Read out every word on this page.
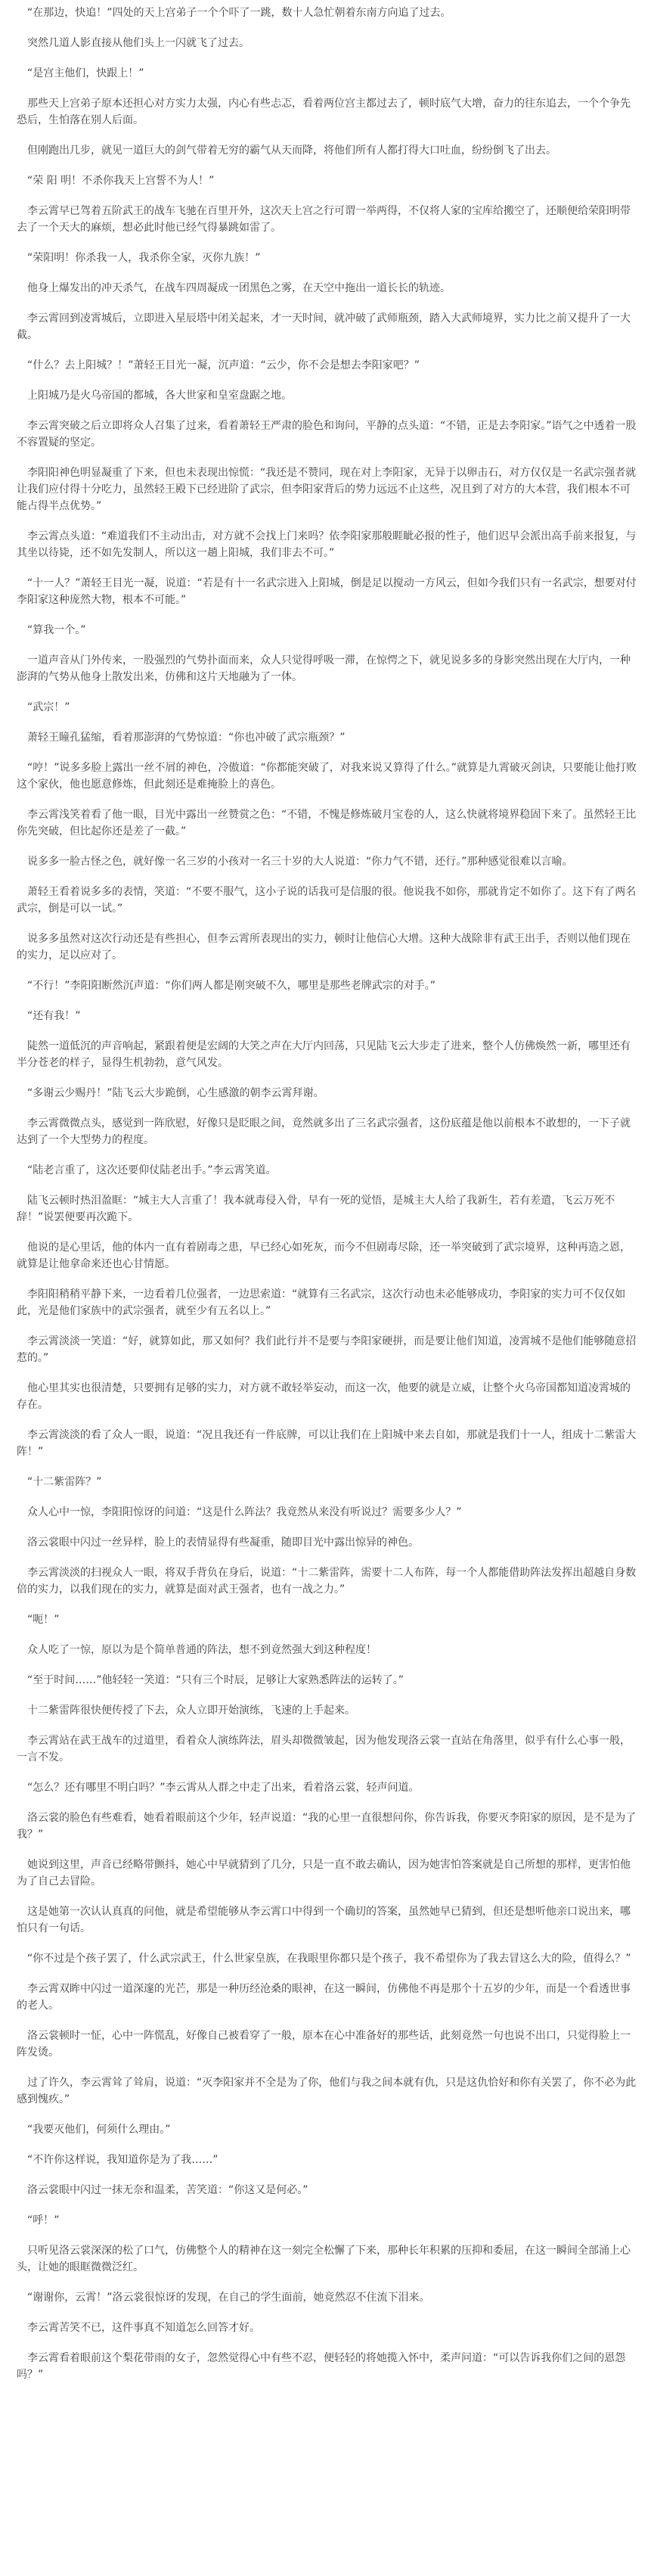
“在那边，快追！”四处的天上宫弟子一个个吓了一跳，数十人急忙朝着东南方向追了过去。

突然几道人影直接从他们头上一闪就飞了过去。

“是宫主他们，快跟上！”

那些天上宫弟子原本还担心对方实力太强，内心有些忐忑，看着两位宫主都过去了，顿时底气大增，奋力的往东追去，一个个争先恐后，生怕落在别人后面。

但刚跑出几步，就见一道巨大的剑气带着无穷的霸气从天而降，将他们所有人都打得大口吐血，纷纷倒飞了出去。

“荣 阳 明！不杀你我天上宫誓不为人！”

李云霄早已驾着五阶武王的战车飞驰在百里开外，这次天上宫之行可谓一举两得，不仅将人家的宝库给搬空了，还顺便给荣阳明带去了一个天大的麻烦，想必此时他已经气得暴跳如雷了。

“荣阳明！你杀我一人，我杀你全家，灭你九族！”

他身上爆发出的冲天杀气，在战车四周凝成一团黑色之雾，在天空中拖出一道长长的轨迹。

李云霄回到凌霄城后，立即进入星辰塔中闭关起来，才一天时间，就冲破了武师瓶颈，踏入大武师境界，实力比之前又提升了一大截。

“什么？去上阳城？！”萧轻王目光一凝，沉声道：“云少，你不会是想去李阳家吧？”

上阳城乃是火乌帝国的都城，各大世家和皇室盘踞之地。

李云霄突破之后立即将众人召集了过来，看着萧轻王严肃的脸色和询问，平静的点头道：“不错，正是去李阳家。”语气之中透着一股不容置疑的坚定。

李阳阳神色明显凝重了下来，但也未表现出惊慌：“我还是不赞同，现在对上李阳家，无异于以卵击石，对方仅仅是一名武宗强者就让我们应付得十分吃力，虽然轻王殿下已经进阶了武宗，但李阳家背后的势力远远不止这些，况且到了对方的大本营，我们根本不可能占得半点优势。”

李云霄点头道：“难道我们不主动出击，对方就不会找上门来吗？依李阳家那般睚眦必报的性子，他们迟早会派出高手前来报复，与其坐以待毙，还不如先发制人，所以这一趟上阳城，我们非去不可。”

“十一人？”萧轻王目光一凝，说道：“若是有十一名武宗进入上阳城，倒是足以搅动一方风云，但如今我们只有一名武宗，想要对付李阳家这种庞然大物，根本不可能。”

“算我一个。”

一道声音从门外传来，一股强烈的气势扑面而来，众人只觉得呼吸一滞，在惊愕之下，就见说多多的身影突然出现在大厅内，一种澎湃的气势从他身上散发出来，仿佛和这片天地融为了一体。

“武宗！”

萧轻王瞳孔猛缩，看着那澎湃的气势惊道：“你也冲破了武宗瓶颈？”

“哼！”说多多脸上露出一丝不屑的神色，冷傲道：“你都能突破了，对我来说又算得了什么。”就算是九霄破灭剑诀，只要能让他打败这个家伙，他也愿意修炼，但此刻还是难掩脸上的喜色。

李云霄浅笑着看了他一眼，目光中露出一丝赞赏之色：“不错，不愧是修炼破月宝卷的人，这么快就将境界稳固下来了。虽然轻王比你先突破，但比起你还是差了一截。”

说多多一脸古怪之色，就好像一名三岁的小孩对一名三十岁的大人说道：“你力气不错，还行。”那种感觉很难以言喻。

萧轻王看着说多多的表情，笑道：“不要不服气，这小子说的话我可是信服的很。他说我不如你，那就肯定不如你了。这下有了两名武宗，倒是可以一试。”

说多多虽然对这次行动还是有些担心，但李云霄所表现出的实力，顿时让他信心大增。这种大战除非有武王出手，否则以他们现在的实力，足以应对了。

“不行！”李阳阳断然沉声道：“你们两人都是刚突破不久，哪里是那些老牌武宗的对手。”

“还有我！”

陡然一道低沉的声音响起，紧跟着便是宏阔的大笑之声在大厅内回荡，只见陆飞云大步走了进来，整个人仿佛焕然一新，哪里还有半分苍老的样子，显得生机勃勃，意气风发。

“多谢云少赐丹！”陆飞云大步跪倒，心生感激的朝李云霄拜谢。

李云霄微微点头，感觉到一阵欣慰，好像只是眨眼之间，竟然就多出了三名武宗强者，这份底蕴是他以前根本不敢想的，一下子就达到了一个大型势力的程度。

“陆老言重了，这次还要仰仗陆老出手。”李云霄笑道。

陆飞云顿时热泪盈眶：“城主大人言重了！我本就毒侵入骨，早有一死的觉悟，是城主大人给了我新生，若有差遣，飞云万死不辞！”说罢便要再次跪下。

他说的是心里话，他的体内一直有着剧毒之患，早已经心如死灰，而今不但剧毒尽除，还一举突破到了武宗境界，这种再造之恩，就算是让他拿命来还也心甘情愿。

李阳阳稍稍平静下来，一边看着几位强者，一边思索道：“就算有三名武宗，这次行动也未必能够成功，李阳家的实力可不仅仅如此，光是他们家族中的武宗强者，就至少有五名以上。”

李云霄淡淡一笑道：“好，就算如此，那又如何？我们此行并不是要与李阳家硬拼，而是要让他们知道，凌霄城不是他们能够随意招惹的。”

他心里其实也很清楚，只要拥有足够的实力，对方就不敢轻举妄动，而这一次，他要的就是立威，让整个火乌帝国都知道凌霄城的存在。

李云霄淡淡的看了众人一眼，说道：“况且我还有一件底牌，可以让我们在上阳城中来去自如，那就是我们十一人，组成十二紫雷大阵！”

“十二紫雷阵？”

众人心中一惊，李阳阳惊讶的问道：“这是什么阵法？我竟然从来没有听说过？需要多少人？”

洛云裳眼中闪过一丝异样，脸上的表情显得有些凝重，随即目光中露出惊异的神色。

李云霄淡淡的扫视众人一眼，将双手背负在身后，说道：“十二紫雷阵，需要十二人布阵，每一个人都能借助阵法发挥出超越自身数倍的实力，以我们现在的实力，就算是面对武王强者，也有一战之力。”

“呃！”

众人吃了一惊，原以为是个简单普通的阵法，想不到竟然强大到这种程度！

“至于时间……”他轻轻一笑道：“只有三个时辰，足够让大家熟悉阵法的运转了。”

十二紫雷阵很快便传授了下去，众人立即开始演练，飞速的上手起来。

李云霄站在武王战车的过道里，看着众人演练阵法，眉头却微微皱起，因为他发现洛云裳一直站在角落里，似乎有什么心事一般，一言不发。

“怎么？还有哪里不明白吗？”李云霄从人群之中走了出来，看着洛云裳，轻声问道。

洛云裳的脸色有些难看，她看着眼前这个少年，轻声说道：“我的心里一直很想问你，你告诉我，你要灭李阳家的原因，是不是为了我？”

她说到这里，声音已经略带颤抖，她心中早就猜到了几分，只是一直不敢去确认，因为她害怕答案就是自己所想的那样，更害怕他为了自己去冒险。

这是她第一次认认真真的问他，就是希望能够从李云霄口中得到一个确切的答案，虽然她早已猜到，但还是想听他亲口说出来，哪怕只有一句话。

“你不过是个孩子罢了，什么武宗武王，什么世家皇族，在我眼里你都只是个孩子，我不希望你为了我去冒这么大的险，值得么？”

李云霄双眸中闪过一道深邃的光芒，那是一种历经沧桑的眼神，在这一瞬间，仿佛他不再是那个十五岁的少年，而是一个看透世事的老人。

洛云裳顿时一怔，心中一阵慌乱，好像自己被看穿了一般，原本在心中准备好的那些话，此刻竟然一句也说不出口，只觉得脸上一阵发烫。

过了许久，李云霄耸了耸肩，说道：“灭李阳家并不全是为了你，他们与我之间本就有仇，只是这仇恰好和你有关罢了，你不必为此感到愧疚。”

“我要灭他们，何须什么理由。”

“不许你这样说，我知道你是为了我……”

洛云裳眼中闪过一抹无奈和温柔，苦笑道：“你这又是何必。”

“呼！”

只听见洛云裳深深的松了口气，仿佛整个人的精神在这一刻完全松懈了下来，那种长年积累的压抑和委屈，在这一瞬间全部涌上心头，让她的眼眶微微泛红。

“谢谢你，云霄！”洛云裳很惊讶的发现，在自己的学生面前，她竟然忍不住流下泪来。

李云霄苦笑不已，这件事真不知道怎么回答才好。

李云霄看着眼前这个梨花带雨的女子，忽然觉得心中有些不忍，便轻轻的将她揽入怀中，柔声问道：“可以告诉我你们之间的恩怨吗？”
